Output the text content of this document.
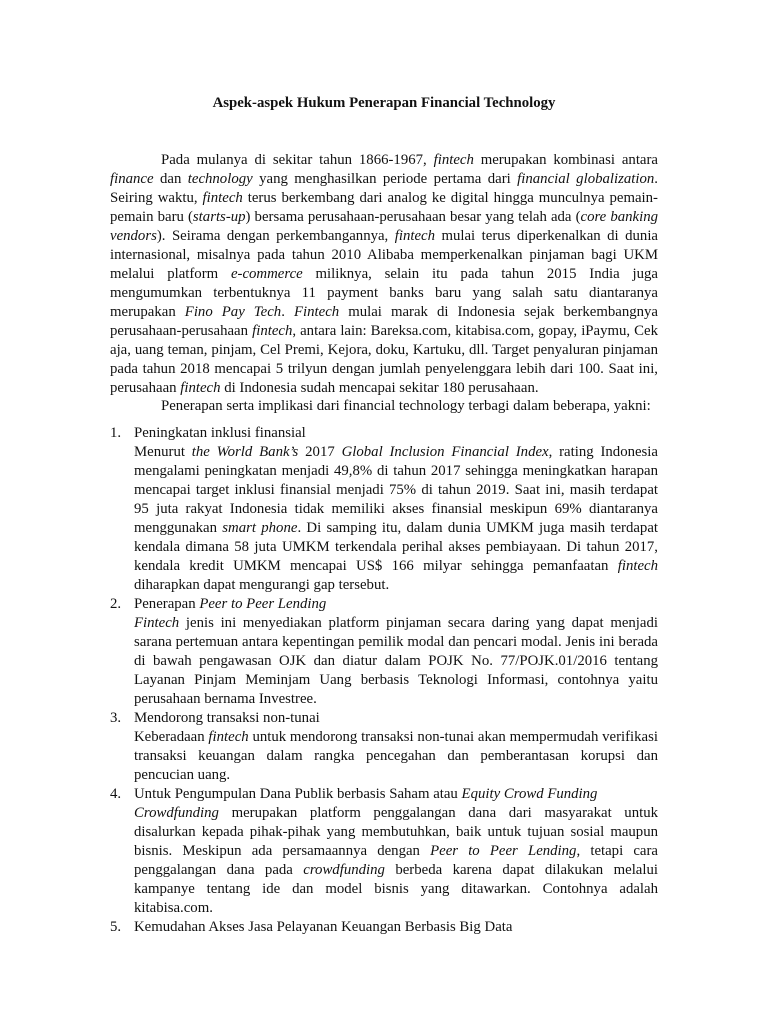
Aspek-aspek Hukum Penerapan Financial Technology

Pada mulanya di sekitar tahun 1866-1967, fintech merupakan kombinasi antara finance dan technology yang menghasilkan periode pertama dari financial globalization. Seiring waktu, fintech terus berkembang dari analog ke digital hingga munculnya pemain-pemain baru (starts-up) bersama perusahaan-perusahaan besar yang telah ada (core banking vendors). Seirama dengan perkembangannya, fintech mulai terus diperkenalkan di dunia internasional, misalnya pada tahun 2010 Alibaba memperkenalkan pinjaman bagi UKM melalui platform e-commerce miliknya, selain itu pada tahun 2015 India juga mengumumkan terbentuknya 11 payment banks baru yang salah satu diantaranya merupakan Fino Pay Tech. Fintech mulai marak di Indonesia sejak berkembangnya perusahaan-perusahaan fintech, antara lain: Bareksa.com, kitabisa.com, gopay, iPaymu, Cek aja, uang teman, pinjam, Cel Premi, Kejora, doku, Kartuku, dll. Target penyaluran pinjaman pada tahun 2018 mencapai 5 trilyun dengan jumlah penyelenggara lebih dari 100. Saat ini, perusahaan fintech di Indonesia sudah mencapai sekitar 180 perusahaan.

Penerapan serta implikasi dari financial technology terbagi dalam beberapa, yakni:

1. Peningkatan inklusi finansial
Menurut the World Bank’s 2017 Global Inclusion Financial Index, rating Indonesia mengalami peningkatan menjadi 49,8% di tahun 2017 sehingga meningkatkan harapan mencapai target inklusi finansial menjadi 75% di tahun 2019. Saat ini, masih terdapat 95 juta rakyat Indonesia tidak memiliki akses finansial meskipun 69% diantaranya menggunakan smart phone. Di samping itu, dalam dunia UMKM juga masih terdapat kendala dimana 58 juta UMKM terkendala perihal akses pembiayaan. Di tahun 2017, kendala kredit UMKM mencapai US$ 166 milyar sehingga pemanfaatan fintech diharapkan dapat mengurangi gap tersebut.
2. Penerapan Peer to Peer Lending
Fintech jenis ini menyediakan platform pinjaman secara daring yang dapat menjadi sarana pertemuan antara kepentingan pemilik modal dan pencari modal. Jenis ini berada di bawah pengawasan OJK dan diatur dalam POJK No. 77/POJK.01/2016 tentang Layanan Pinjam Meminjam Uang berbasis Teknologi Informasi, contohnya yaitu perusahaan bernama Investree.
3. Mendorong transaksi non-tunai
Keberadaan fintech untuk mendorong transaksi non-tunai akan mempermudah verifikasi transaksi keuangan dalam rangka pencegahan dan pemberantasan korupsi dan pencucian uang.
4. Untuk Pengumpulan Dana Publik berbasis Saham atau Equity Crowd Funding
Crowdfunding merupakan platform penggalangan dana dari masyarakat untuk disalurkan kepada pihak-pihak yang membutuhkan, baik untuk tujuan sosial maupun bisnis. Meskipun ada persamaannya dengan Peer to Peer Lending, tetapi cara penggalangan dana pada crowdfunding berbeda karena dapat dilakukan melalui kampanye tentang ide dan model bisnis yang ditawarkan. Contohnya adalah kitabisa.com.
5. Kemudahan Akses Jasa Pelayanan Keuangan Berbasis Big Data
